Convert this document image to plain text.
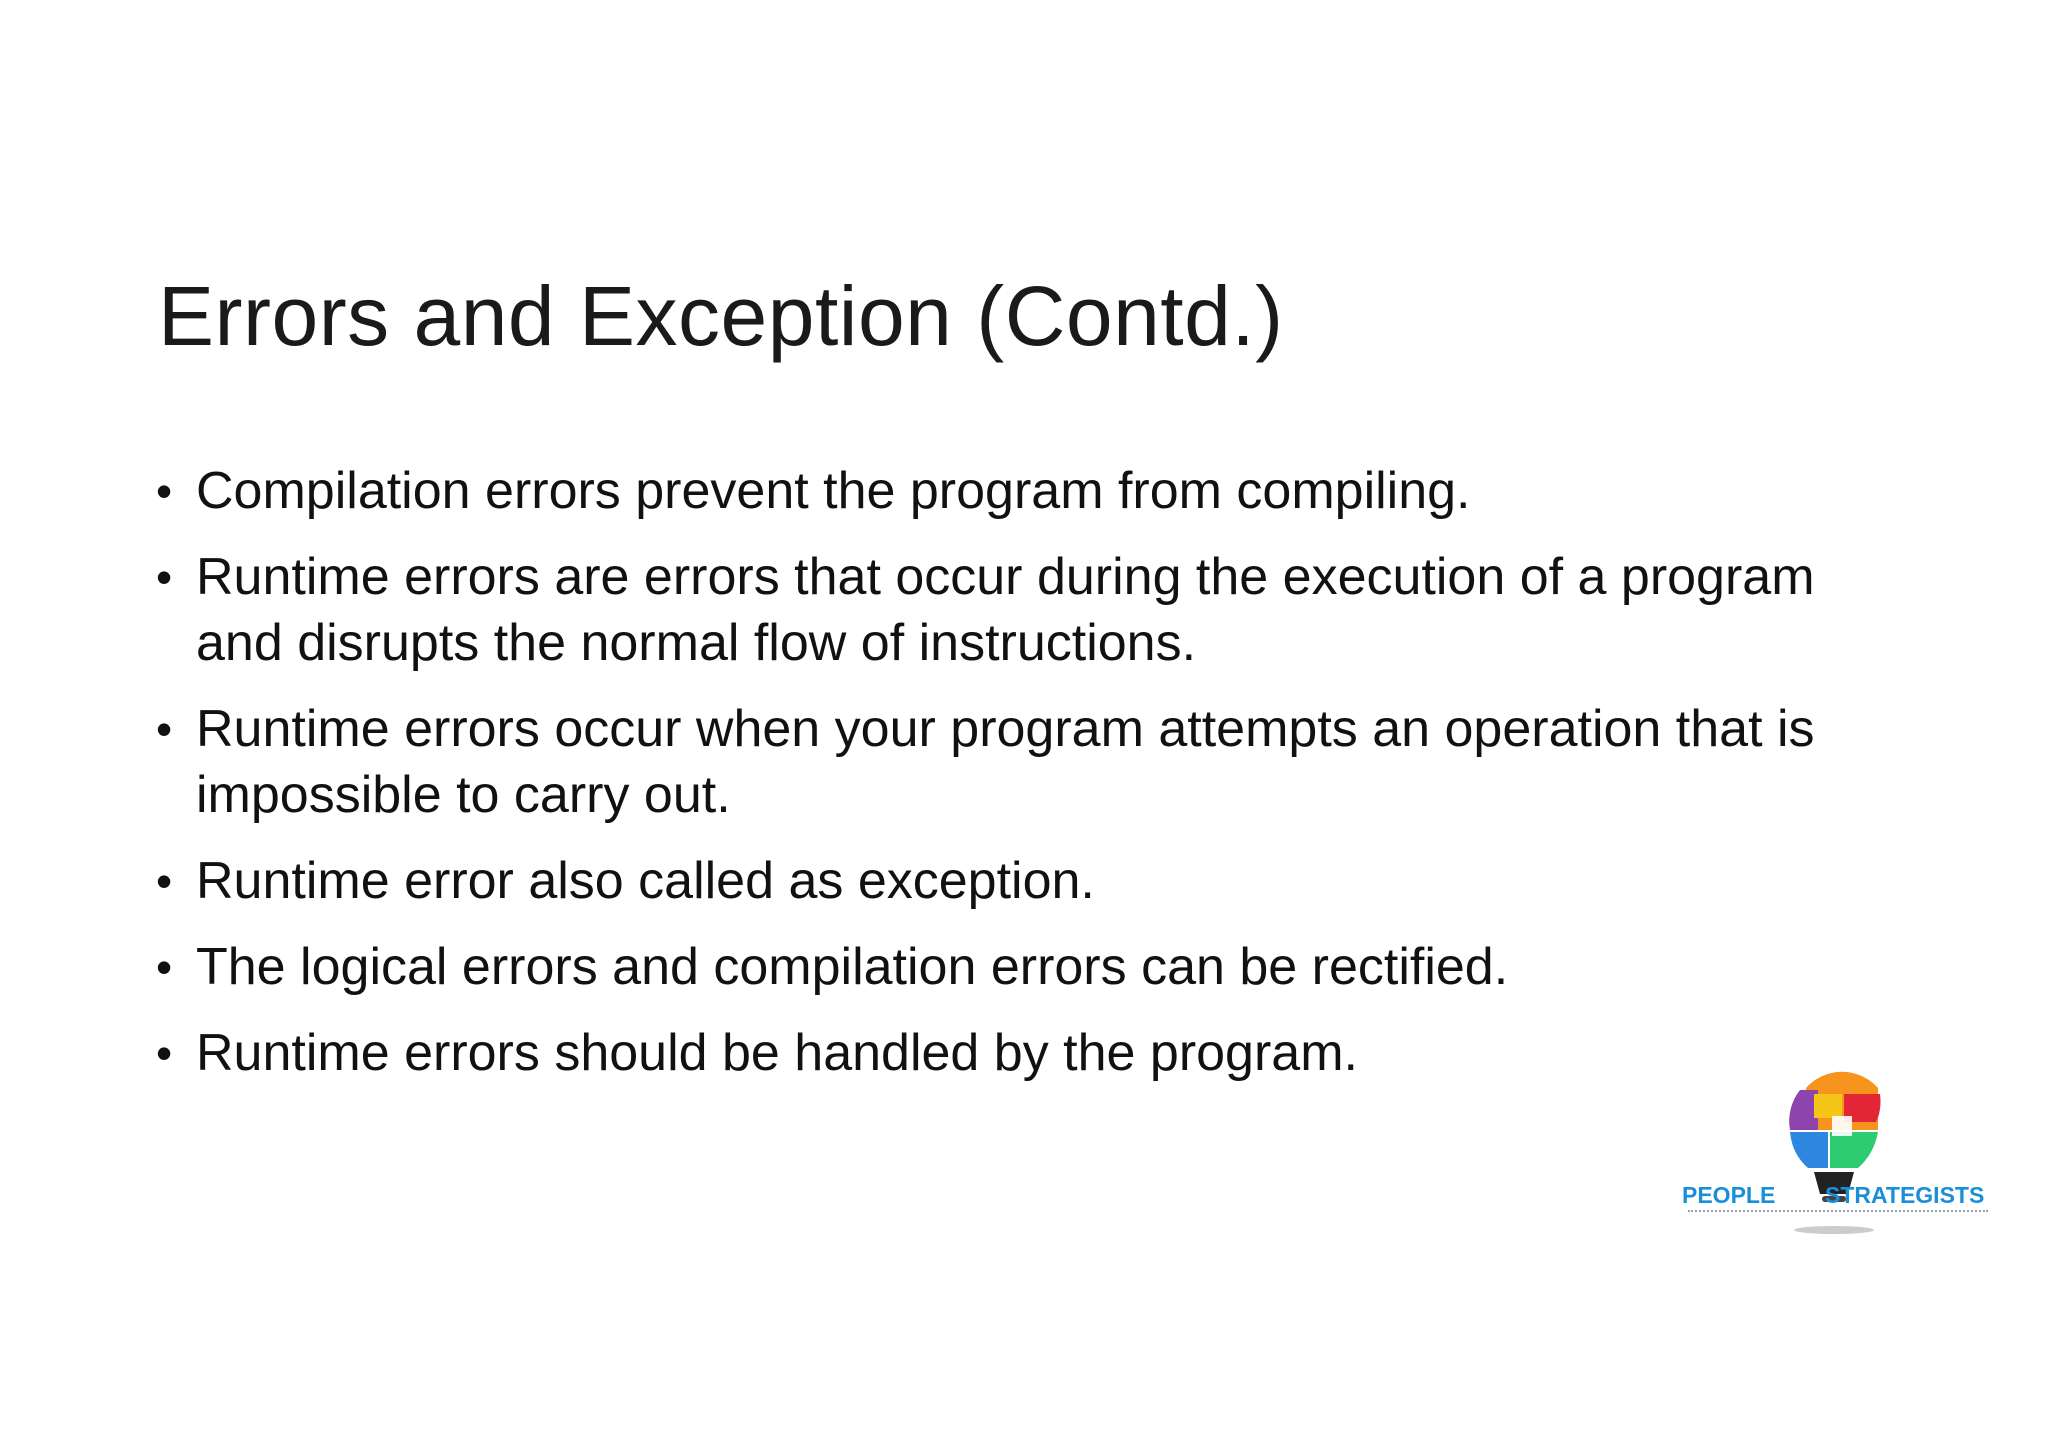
Errors and Exception (Contd.)
• Compilation errors prevent the program from compiling.
• Runtime errors are errors that occur during the execution of a program and disrupts the normal flow of instructions.
• Runtime errors occur when your program attempts an operation that is impossible to carry out.
• Runtime error also called as exception.
• The logical errors and compilation errors can be rectified.
• Runtime errors should be handled by the program.
PEOPLE STRATEGISTS
